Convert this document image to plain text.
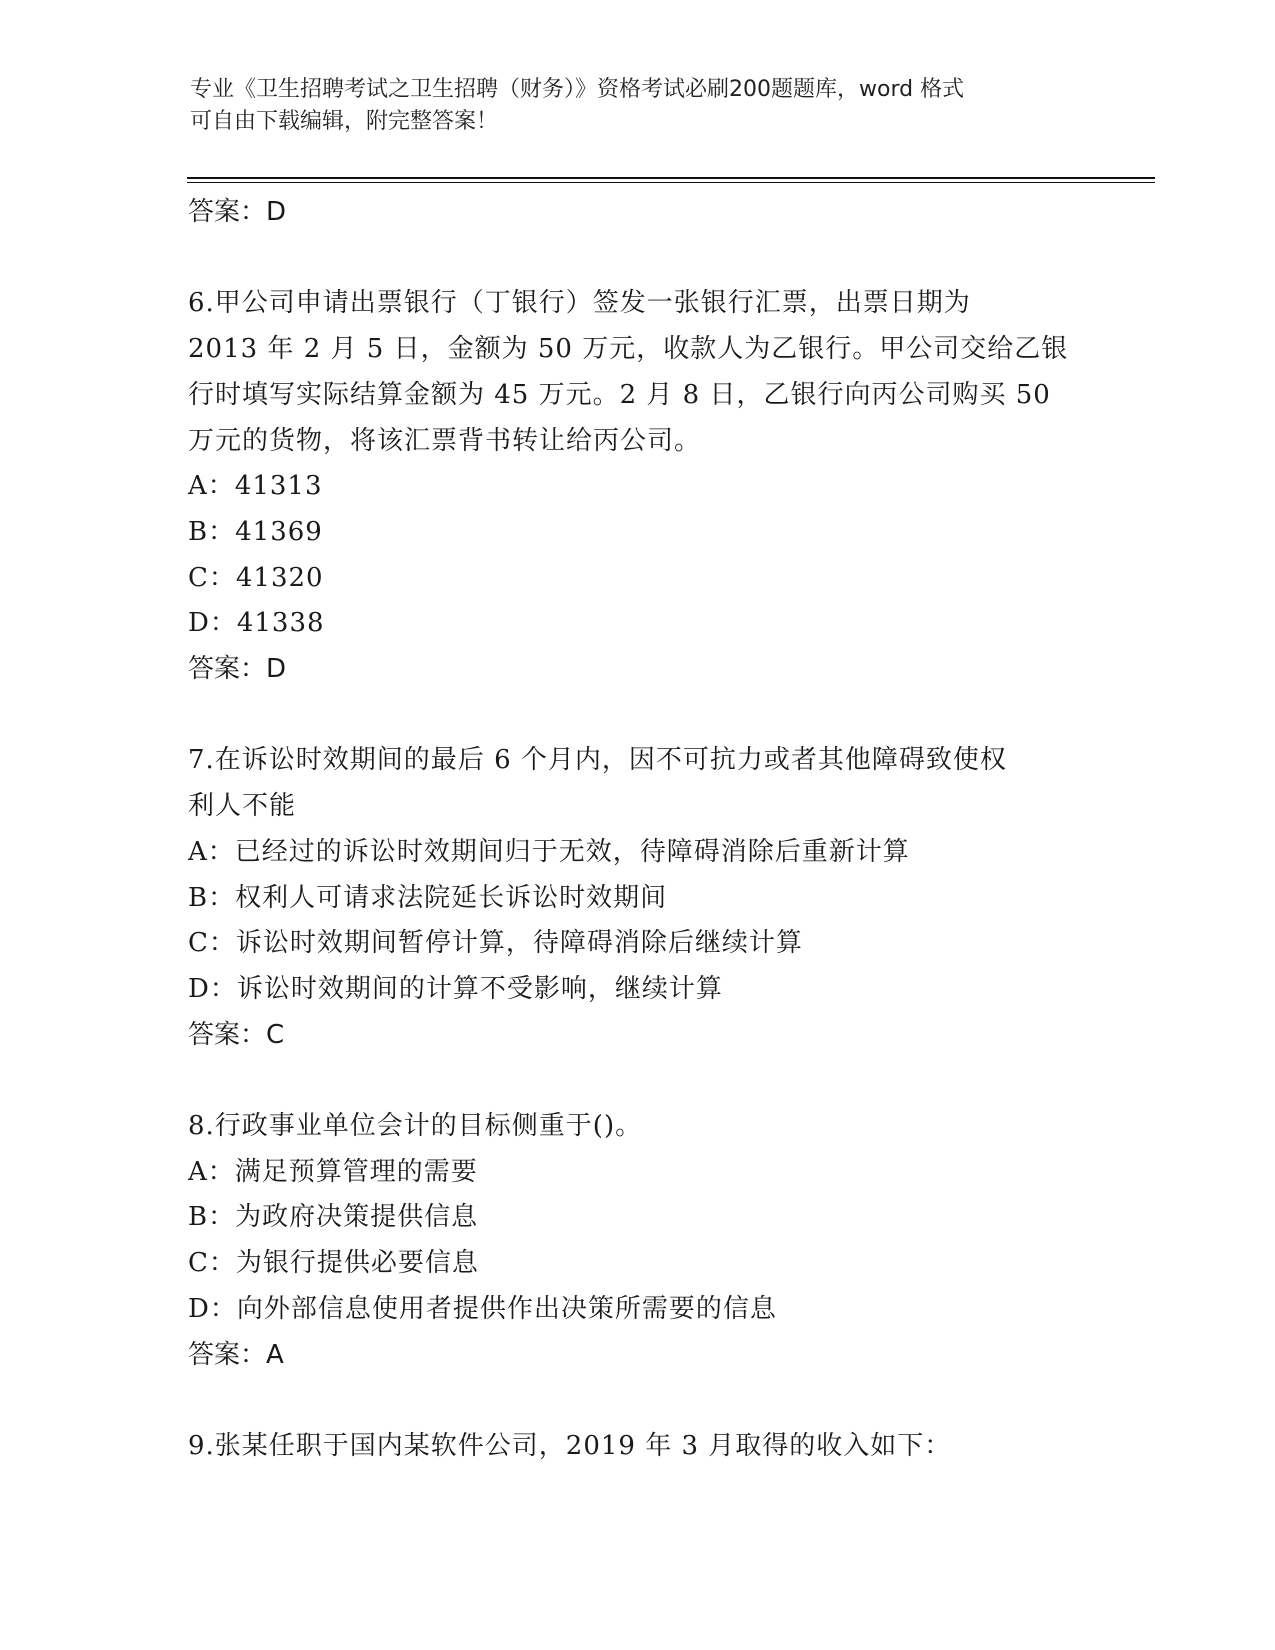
专业《卫生招聘考试之卫生招聘（财务）》资格考试必刷200题题库，word 格式
可自由下载编辑，附完整答案！

答案：D

6.甲公司申请出票银行（丁银行）签发一张银行汇票，出票日期为

2013 年 2 月 5 日，金额为 50 万元，收款人为乙银行。甲公司交给乙银

行时填写实际结算金额为 45 万元。2 月 8 日，乙银行向丙公司购买 50

万元的货物，将该汇票背书转让给丙公司。

A：41313

B：41369

C：41320

D：41338

答案：D

7.在诉讼时效期间的最后 6 个月内，因不可抗力或者其他障碍致使权

利人不能

A：已经过的诉讼时效期间归于无效，待障碍消除后重新计算

B：权利人可请求法院延长诉讼时效期间

C：诉讼时效期间暂停计算，待障碍消除后继续计算

D：诉讼时效期间的计算不受影响，继续计算

答案：C

8.行政事业单位会计的目标侧重于()。

A：满足预算管理的需要

B：为政府决策提供信息

C：为银行提供必要信息

D：向外部信息使用者提供作出决策所需要的信息

答案：A

9.张某任职于国内某软件公司，2019 年 3 月取得的收入如下：
